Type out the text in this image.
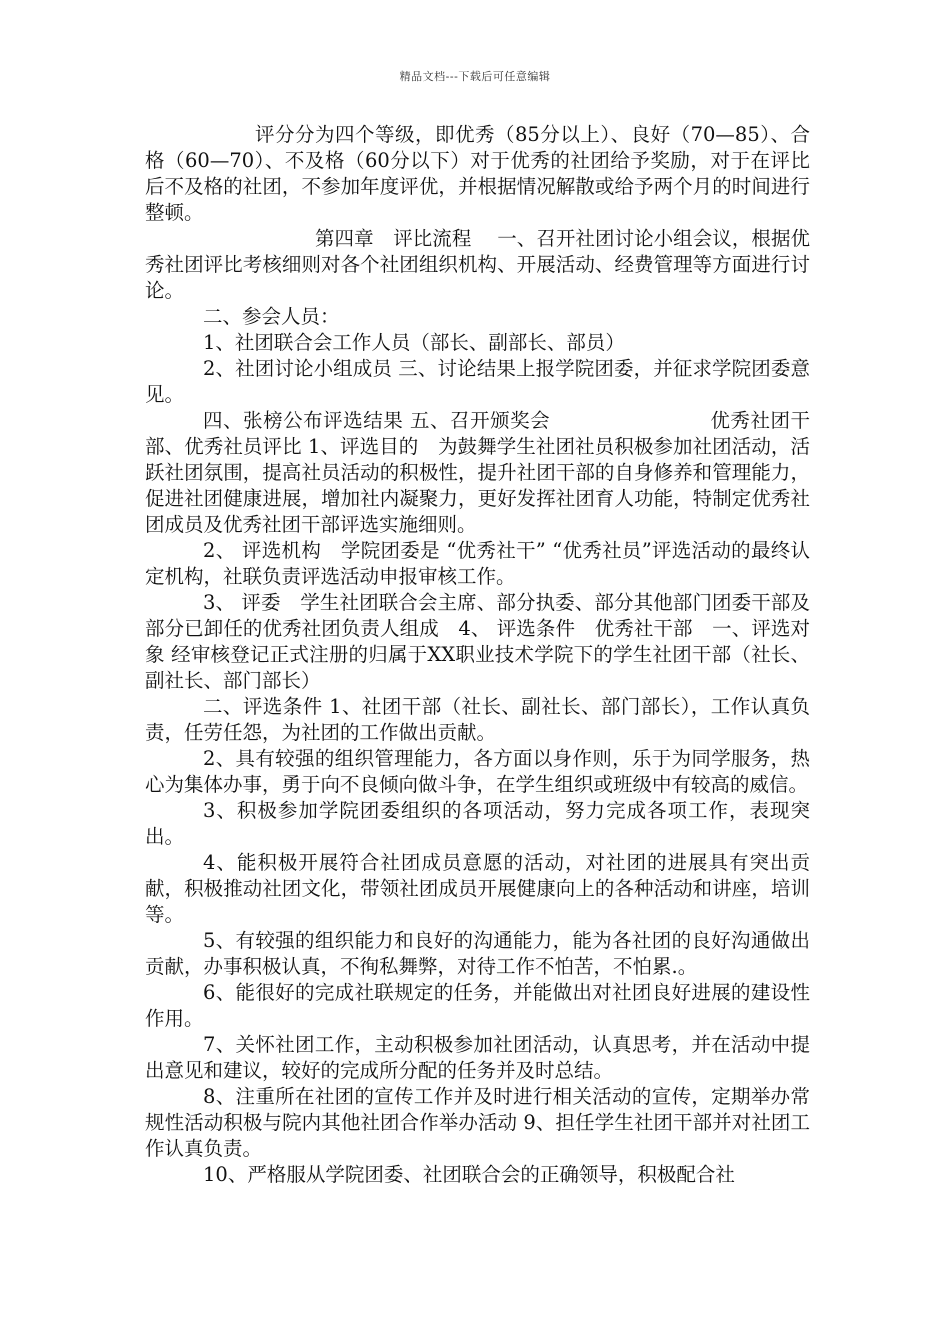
精品文档---下载后可任意编辑

评分分为四个等级，即优秀（85分以上）、良好（70—85）、合格（60—70）、不及格（60分以下）对于优秀的社团给予奖励，对于在评比后不及格的社团，不参加年度评优，并根据情况解散或给予两个月的时间进行整顿。

第四章　评比流程　 一、召开社团讨论小组会议，根据优秀社团评比考核细则对各个社团组织机构、开展活动、经费管理等方面进行讨论。

二、参会人员：

1、社团联合会工作人员（部长、副部长、部员）

2、社团讨论小组成员 三、讨论结果上报学院团委，并征求学院团委意见。

四、张榜公布评选结果 五、召开颁奖会　　　　　　　　优秀社团干部、优秀社员评比 1、评选目的　为鼓舞学生社团社员积极参加社团活动，活跃社团氛围，提高社员活动的积极性，提升社团干部的自身修养和管理能力，促进社团健康进展，增加社内凝聚力，更好发挥社团育人功能，特制定优秀社团成员及优秀社团干部评选实施细则。

2、 评选机构　学院团委是 “优秀社干” “优秀社员”评选活动的最终认定机构，社联负责评选活动申报审核工作。

3、 评委　学生社团联合会主席、部分执委、部分其他部门团委干部及部分已卸任的优秀社团负责人组成　4、 评选条件　优秀社干部　一、评选对象 经审核登记正式注册的归属于XX职业技术学院下的学生社团干部（社长、副社长、部门部长）

二、评选条件 1、社团干部（社长、副社长、部门部长），工作认真负责，任劳任怨，为社团的工作做出贡献。

2、具有较强的组织管理能力，各方面以身作则，乐于为同学服务，热心为集体办事，勇于向不良倾向做斗争，在学生组织或班级中有较高的威信。

3、积极参加学院团委组织的各项活动，努力完成各项工作，表现突出。

4、能积极开展符合社团成员意愿的活动，对社团的进展具有突出贡献，积极推动社团文化，带领社团成员开展健康向上的各种活动和讲座，培训等。

5、有较强的组织能力和良好的沟通能力，能为各社团的良好沟通做出贡献，办事积极认真，不徇私舞弊，对待工作不怕苦，不怕累.。

6、能很好的完成社联规定的任务，并能做出对社团良好进展的建设性作用。

7、关怀社团工作，主动积极参加社团活动，认真思考，并在活动中提出意见和建议，较好的完成所分配的任务并及时总结。

8、注重所在社团的宣传工作并及时进行相关活动的宣传，定期举办常规性活动积极与院内其他社团合作举办活动 9、担任学生社团干部并对社团工作认真负责。

10、严格服从学院团委、社团联合会的正确领导，积极配合社
